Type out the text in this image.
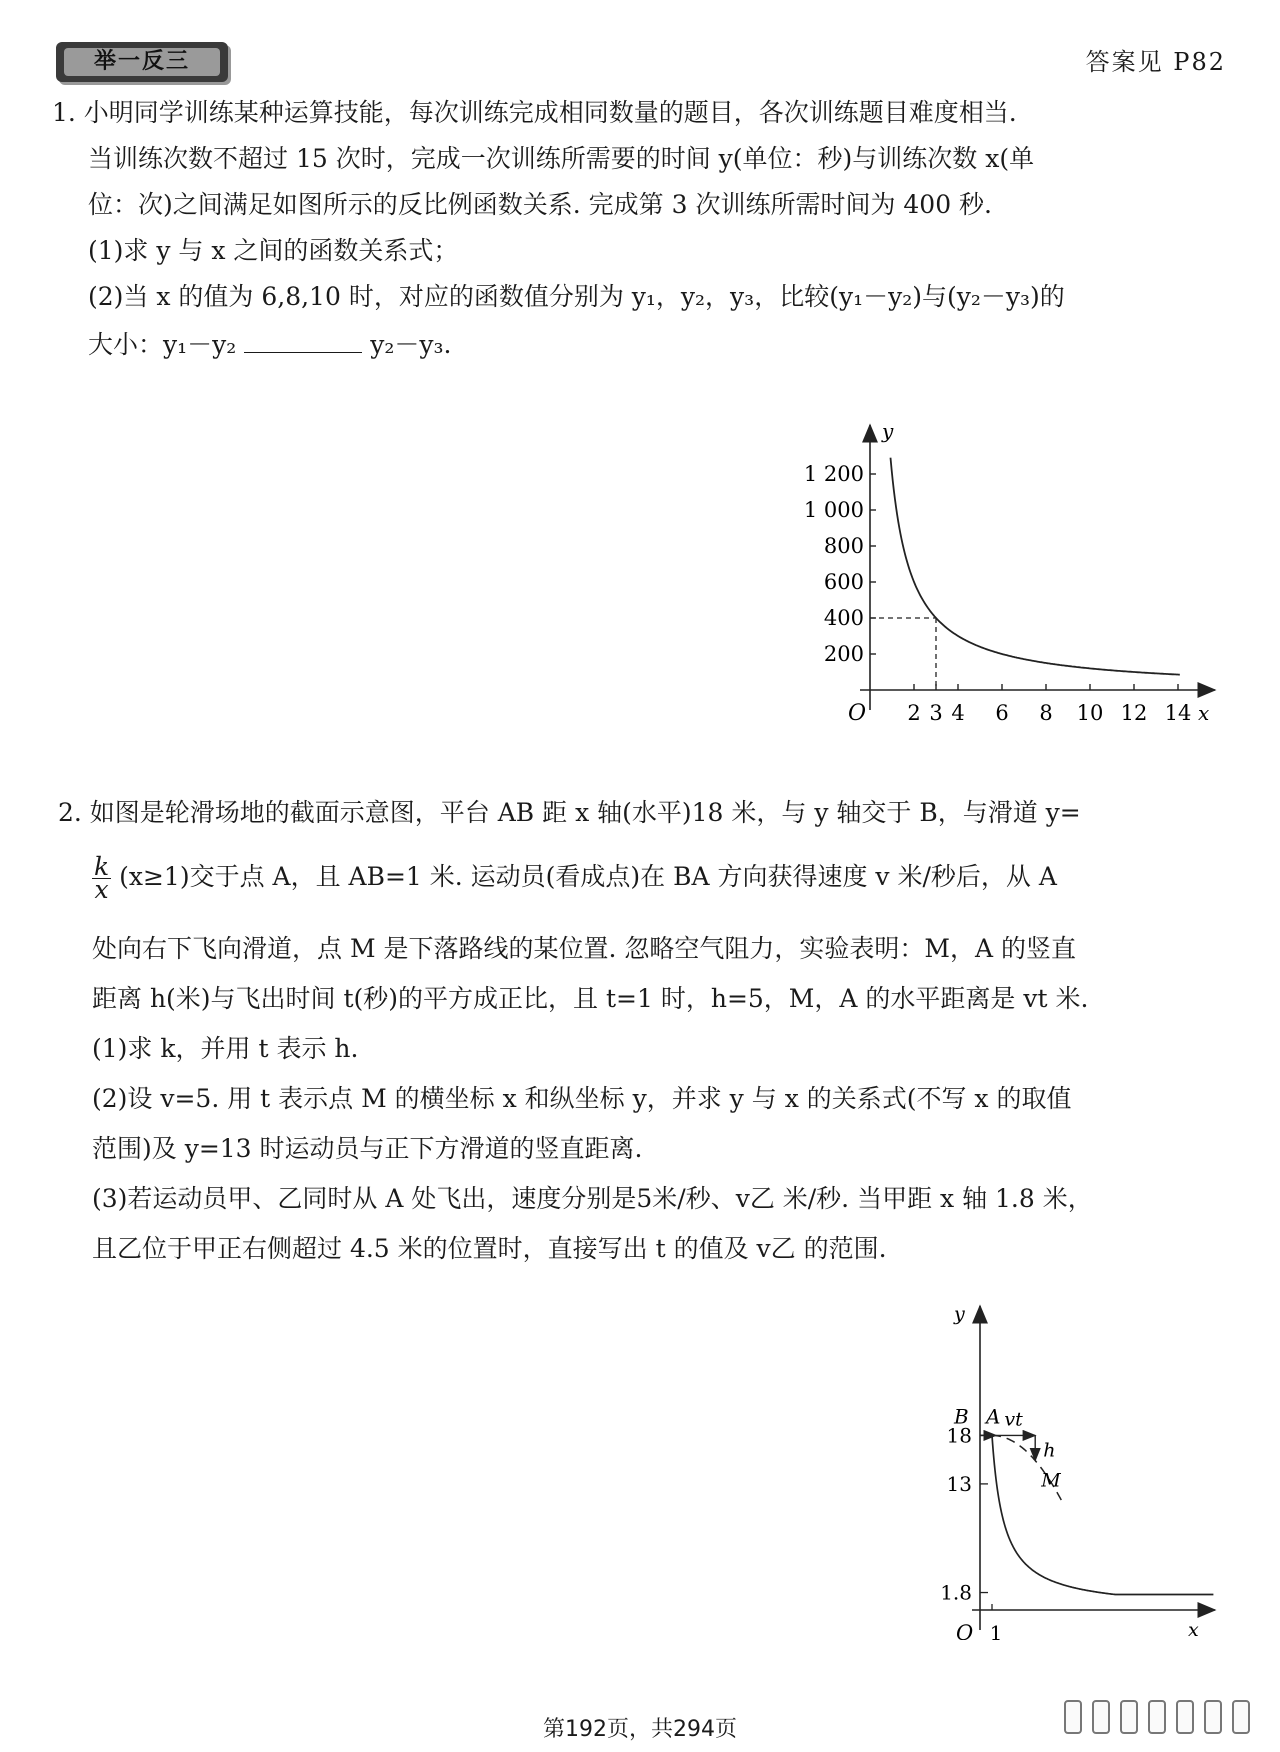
举一反三	答案见 P82
1. 小明同学训练某种运算技能，每次训练完成相同数量的题目，各次训练题目难度相当.
当训练次数不超过 15 次时，完成一次训练所需要的时间 y(单位：秒)与训练次数 x(单
位：次)之间满足如图所示的反比例函数关系. 完成第 3 次训练所需时间为 400 秒.
(1)求 y 与 x 之间的函数关系式；
(2)当 x 的值为 6,8,10 时，对应的函数值分别为 y₁，y₂，y₃，比较(y₁－y₂)与(y₂－y₃)的
大小：y₁－y₂	y₂－y₃.
x
y
O 2 3 4 6 8 10 12 14
200
400
600
800
1 000
1 200
2. 如图是轮滑场地的截面示意图，平台 AB 距 x 轴(水平)18 米，与 y 轴交于 B，与滑道 y=
$\frac{k}{x} (x\ge 1)$交于点 A，且 AB=1 米. 运动员(看成点)在 BA 方向获得速度 v 米/秒后，从 A
处向右下飞向滑道，点 M 是下落路线的某位置. 忽略空气阻力，实验表明：M，A 的竖直
距离 h(米)与飞出时间 t(秒)的平方成正比，且 t=1 时，h=5，M，A 的水平距离是 vt 米.
(1)求 k，并用 t 表示 h.
(2)设 v=5. 用 t 表示点 M 的横坐标 x 和纵坐标 y，并求 y 与 x 的关系式(不写 x 的取值
范围)及 y=13 时运动员与正下方滑道的竖直距离.
(3)若运动员甲、乙同时从 A 处飞出，速度分别是5米/秒、v乙 米/秒. 当甲距 x 轴 1.8 米，
且乙位于甲正右侧超过 4.5 米的位置时，直接写出 t 的值及 v乙 的范围.
x
y
O 1
1.8
13
18
B A vt
h
M
第192页，共294页
